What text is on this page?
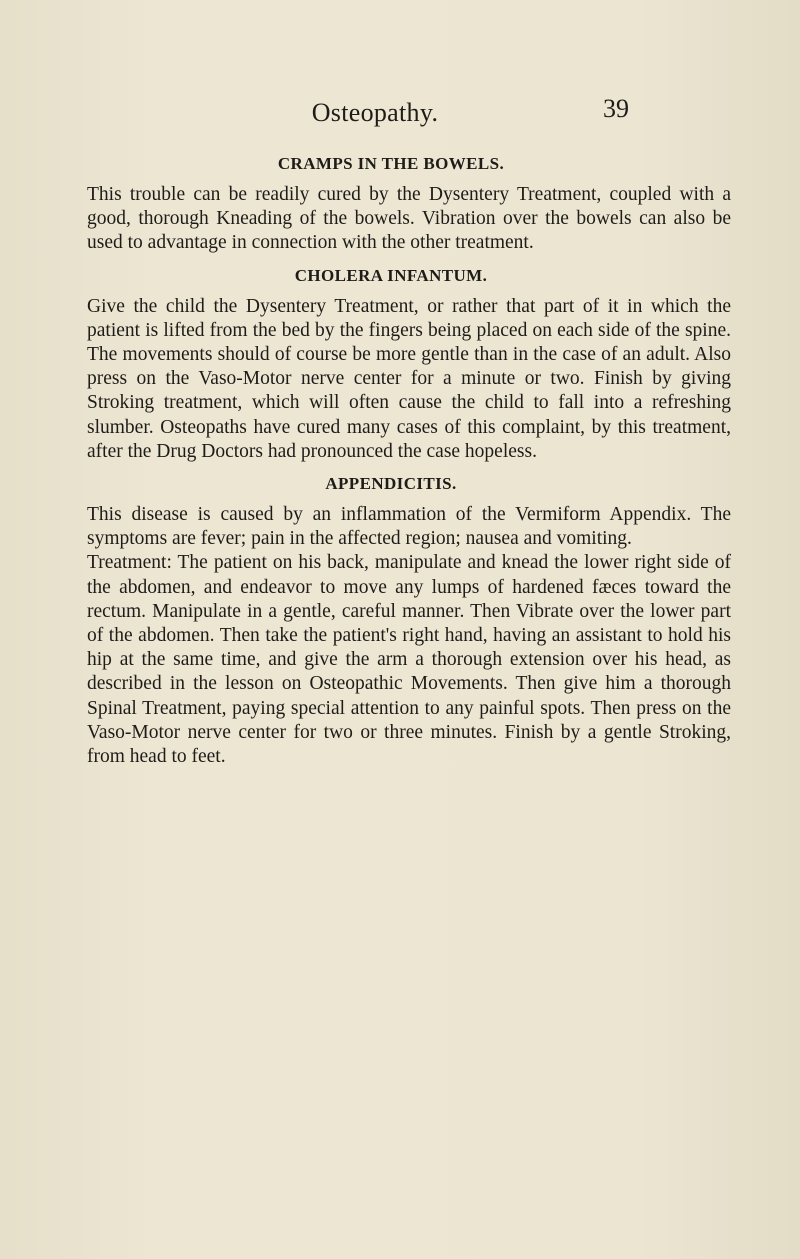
Osteopathy.	39
CRAMPS IN THE BOWELS.

This trouble can be readily cured by the Dysentery Treatment, coupled with a good, thorough Kneading of the bowels. Vibration over the bowels can also be used to advantage in connection with the other treatment.

CHOLERA INFANTUM.

Give the child the Dysentery Treatment, or rather that part of it in which the patient is lifted from the bed by the fingers being placed on each side of the spine. The movements should of course be more gentle than in the case of an adult. Also press on the Vaso-Motor nerve center for a minute or two. Finish by giving Stroking treatment, which will often cause the child to fall into a refreshing slumber. Osteopaths have cured many cases of this complaint, by this treatment, after the Drug Doctors had pronounced the case hopeless.

APPENDICITIS.

This disease is caused by an inflammation of the Vermiform Appendix. The symptoms are fever; pain in the affected region; nausea and vomiting.

Treatment: The patient on his back, manipulate and knead the lower right side of the abdomen, and endeavor to move any lumps of hardened fæces toward the rectum. Manipulate in a gentle, careful manner. Then Vibrate over the lower part of the abdomen. Then take the patient's right hand, having an assistant to hold his hip at the same time, and give the arm a thorough extension over his head, as described in the lesson on Osteopathic Movements. Then give him a thorough Spinal Treatment, paying special attention to any painful spots. Then press on the Vaso-Motor nerve center for two or three minutes. Finish by a gentle Stroking, from head to feet.
